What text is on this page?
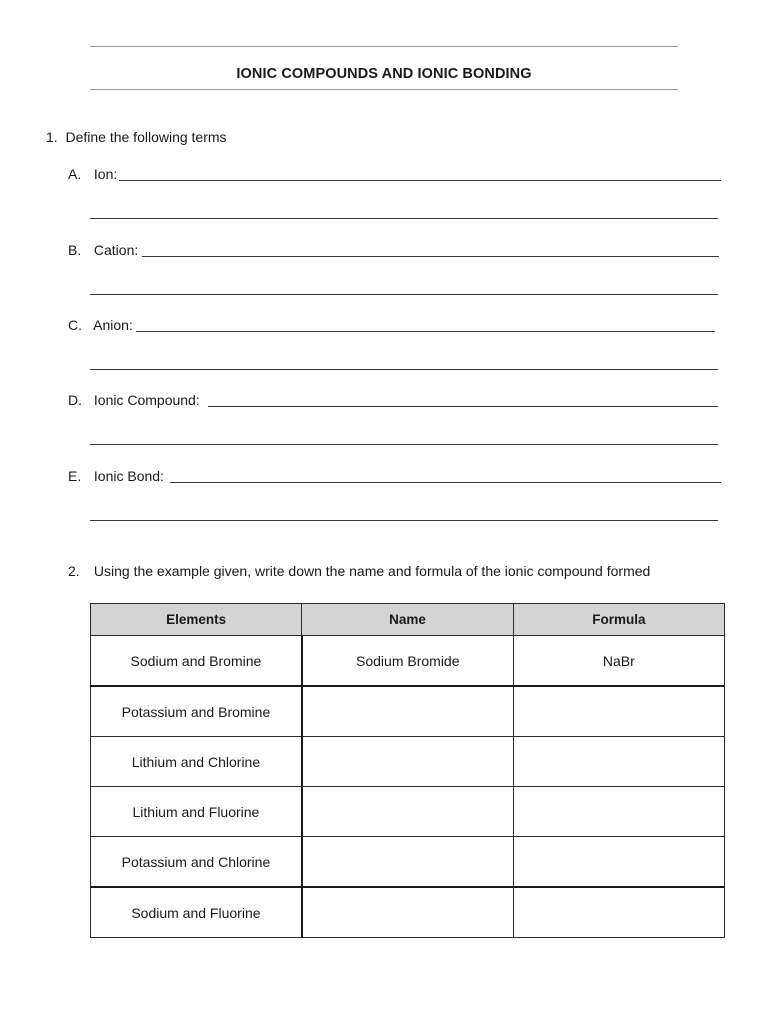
IONIC COMPOUNDS AND IONIC BONDING
1. Define the following terms
A. Ion:
B. Cation:
C. Anion:
D. Ionic Compound:
E. Ionic Bond:
2. Using the example given, write down the name and formula of the ionic compound formed
Elements	Name	Formula
Sodium and Bromine	Sodium Bromide	NaBr
Potassium and Bromine		
Lithium and Chlorine		
Lithium and Fluorine		
Potassium and Chlorine		
Sodium and Fluorine		
